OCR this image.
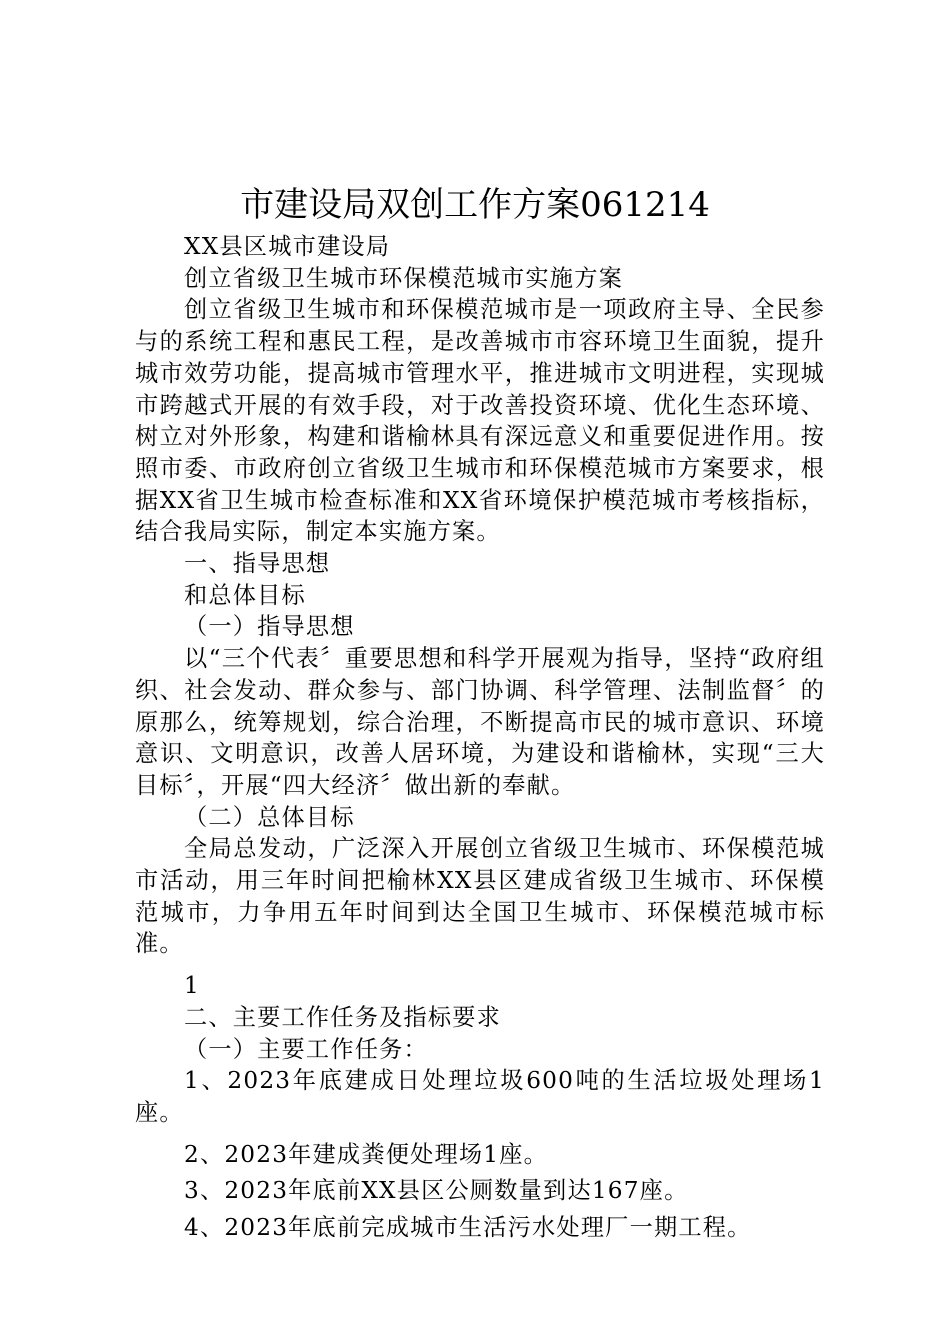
市建设局双创工作方案061214

XX县区城市建设局

创立省级卫生城市环保模范城市实施方案

创立省级卫生城市和环保模范城市是一项政府主导、全民参与的系统工程和惠民工程，是改善城市市容环境卫生面貌，提升城市效劳功能，提高城市管理水平，推进城市文明进程，实现城市跨越式开展的有效手段，对于改善投资环境、优化生态环境、树立对外形象，构建和谐榆林具有深远意义和重要促进作用。按照市委、市政府创立省级卫生城市和环保模范城市方案要求，根据XX省卫生城市检查标准和XX省环境保护模范城市考核指标，结合我局实际，制定本实施方案。

一、指导思想

和总体目标

（一）指导思想

以“三个代表〞重要思想和科学开展观为指导，坚持“政府组织、社会发动、群众参与、部门协调、科学管理、法制监督〞的原那么，统筹规划，综合治理，不断提高市民的城市意识、环境意识、文明意识，改善人居环境，为建设和谐榆林，实现“三大目标〞，开展“四大经济〞做出新的奉献。

（二）总体目标

全局总发动，广泛深入开展创立省级卫生城市、环保模范城市活动，用三年时间把榆林XX县区建成省级卫生城市、环保模范城市，力争用五年时间到达全国卫生城市、环保模范城市标准。

1

二、主要工作任务及指标要求

（一）主要工作任务：

1、2023年底建成日处理垃圾600吨的生活垃圾处理场1座。

2、2023年建成粪便处理场1座。

3、2023年底前XX县区公厕数量到达167座。

4、2023年底前完成城市生活污水处理厂一期工程。
